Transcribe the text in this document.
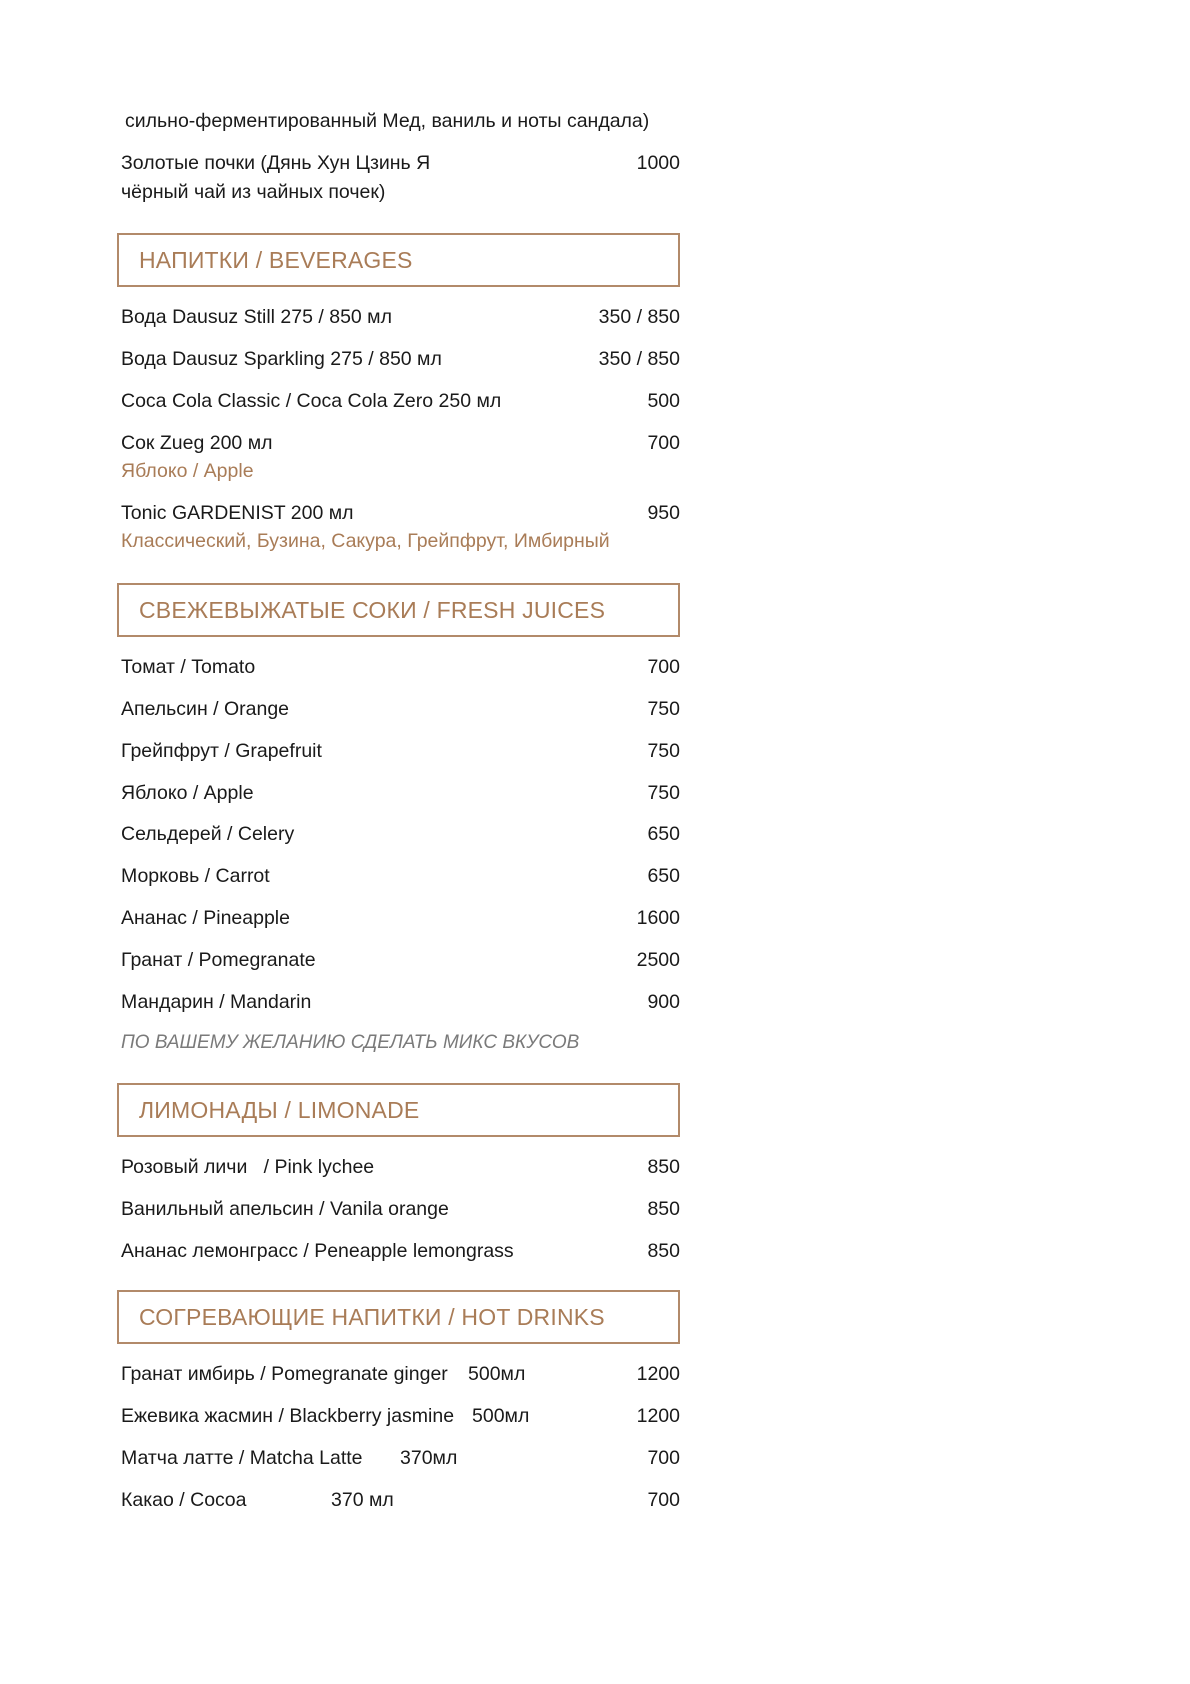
сильно-ферментированный Мед, ваниль и ноты сандала)
Золотые почки (Дянь Хун Цзинь Я	1000
чёрный чай из чайных почек)
НАПИТКИ / BEVERAGES
Вода Dausuz Still 275 / 850 мл	350 / 850
Вода Dausuz Sparkling 275 / 850 мл	350 / 850
Coca Cola Classic / Coca Cola Zero 250 мл	500
Сок Zueg 200 мл	700
Яблоко / Apple
Tonic GARDENIST 200 мл	950
Классический, Бузина, Сакура, Грейпфрут, Имбирный
СВЕЖЕВЫЖАТЫЕ СОКИ / FRESH JUICES
Томат / Tomato	700
Апельсин / Orange	750
Грейпфрут / Grapefruit	750
Яблоко / Apple	750
Сельдерей / Celery	650
Морковь / Carrot	650
Ананас / Pineapple	1600
Гранат / Pomegranate	2500
Мандарин / Mandarin	900
ПО ВАШЕМУ ЖЕЛАНИЮ СДЕЛАТЬ МИКС ВКУСОВ
ЛИМОНАДЫ / LIMONADE
Розовый личи   / Pink lychee	850
Ванильный апельсин / Vanila orange	850
Ананас лемонграсс / Peneapple lemongrass	850
СОГРЕВАЮЩИЕ НАПИТКИ / HOT DRINKS
Гранат имбирь / Pomegranate ginger 500мл	1200
Ежевика жасмин / Blackberry jasmine 500мл	1200
Матча латте / Matcha Latte 370мл	700
Какао / Cocoa	370 мл	700
